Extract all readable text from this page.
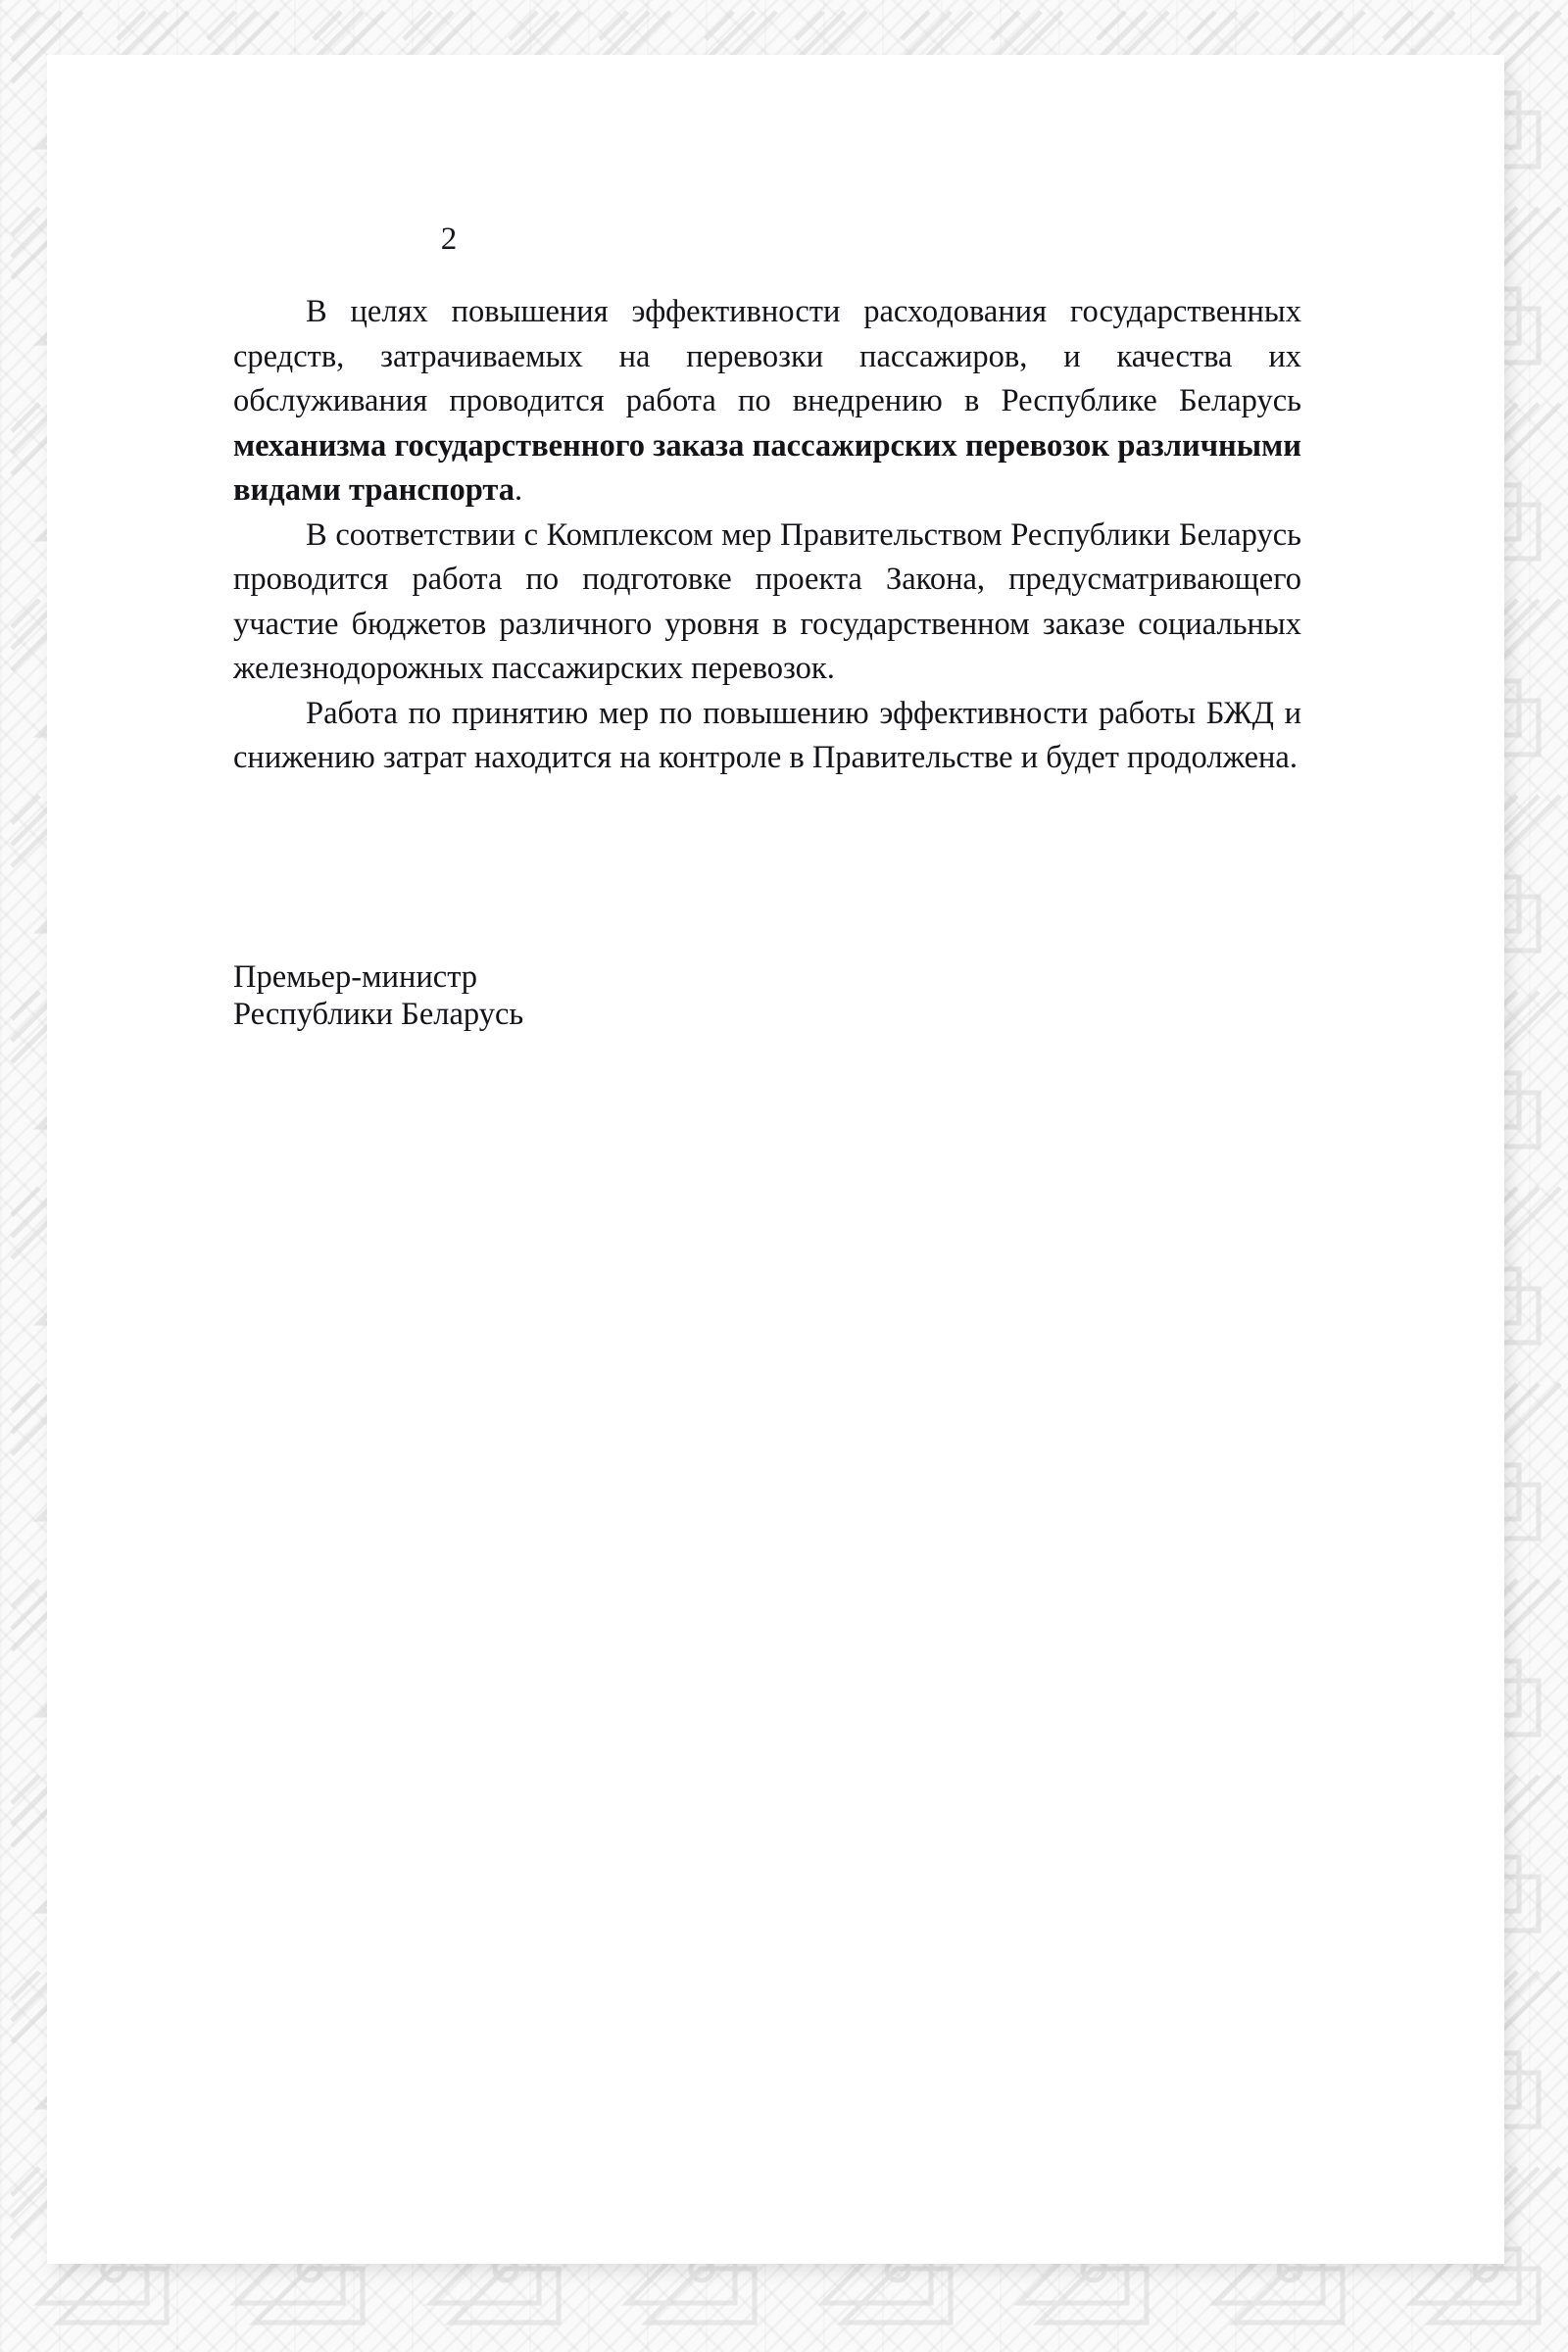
2

В целях повышения эффективности расходования государственных средств, затрачиваемых на перевозки пассажиров, и качества их обслуживания проводится работа по внедрению в Республике Беларусь механизма государственного заказа пассажирских перевозок различными видами транспорта.

В соответствии с Комплексом мер Правительством Республики Беларусь проводится работа по подготовке проекта Закона, предусматривающего участие бюджетов различного уровня в государственном заказе социальных железнодорожных пассажирских перевозок.

Работа по принятию мер по повышению эффективности работы БЖД и снижению затрат находится на контроле в Правительстве и будет продолжена.

Премьер-министр
Республики Беларусь
